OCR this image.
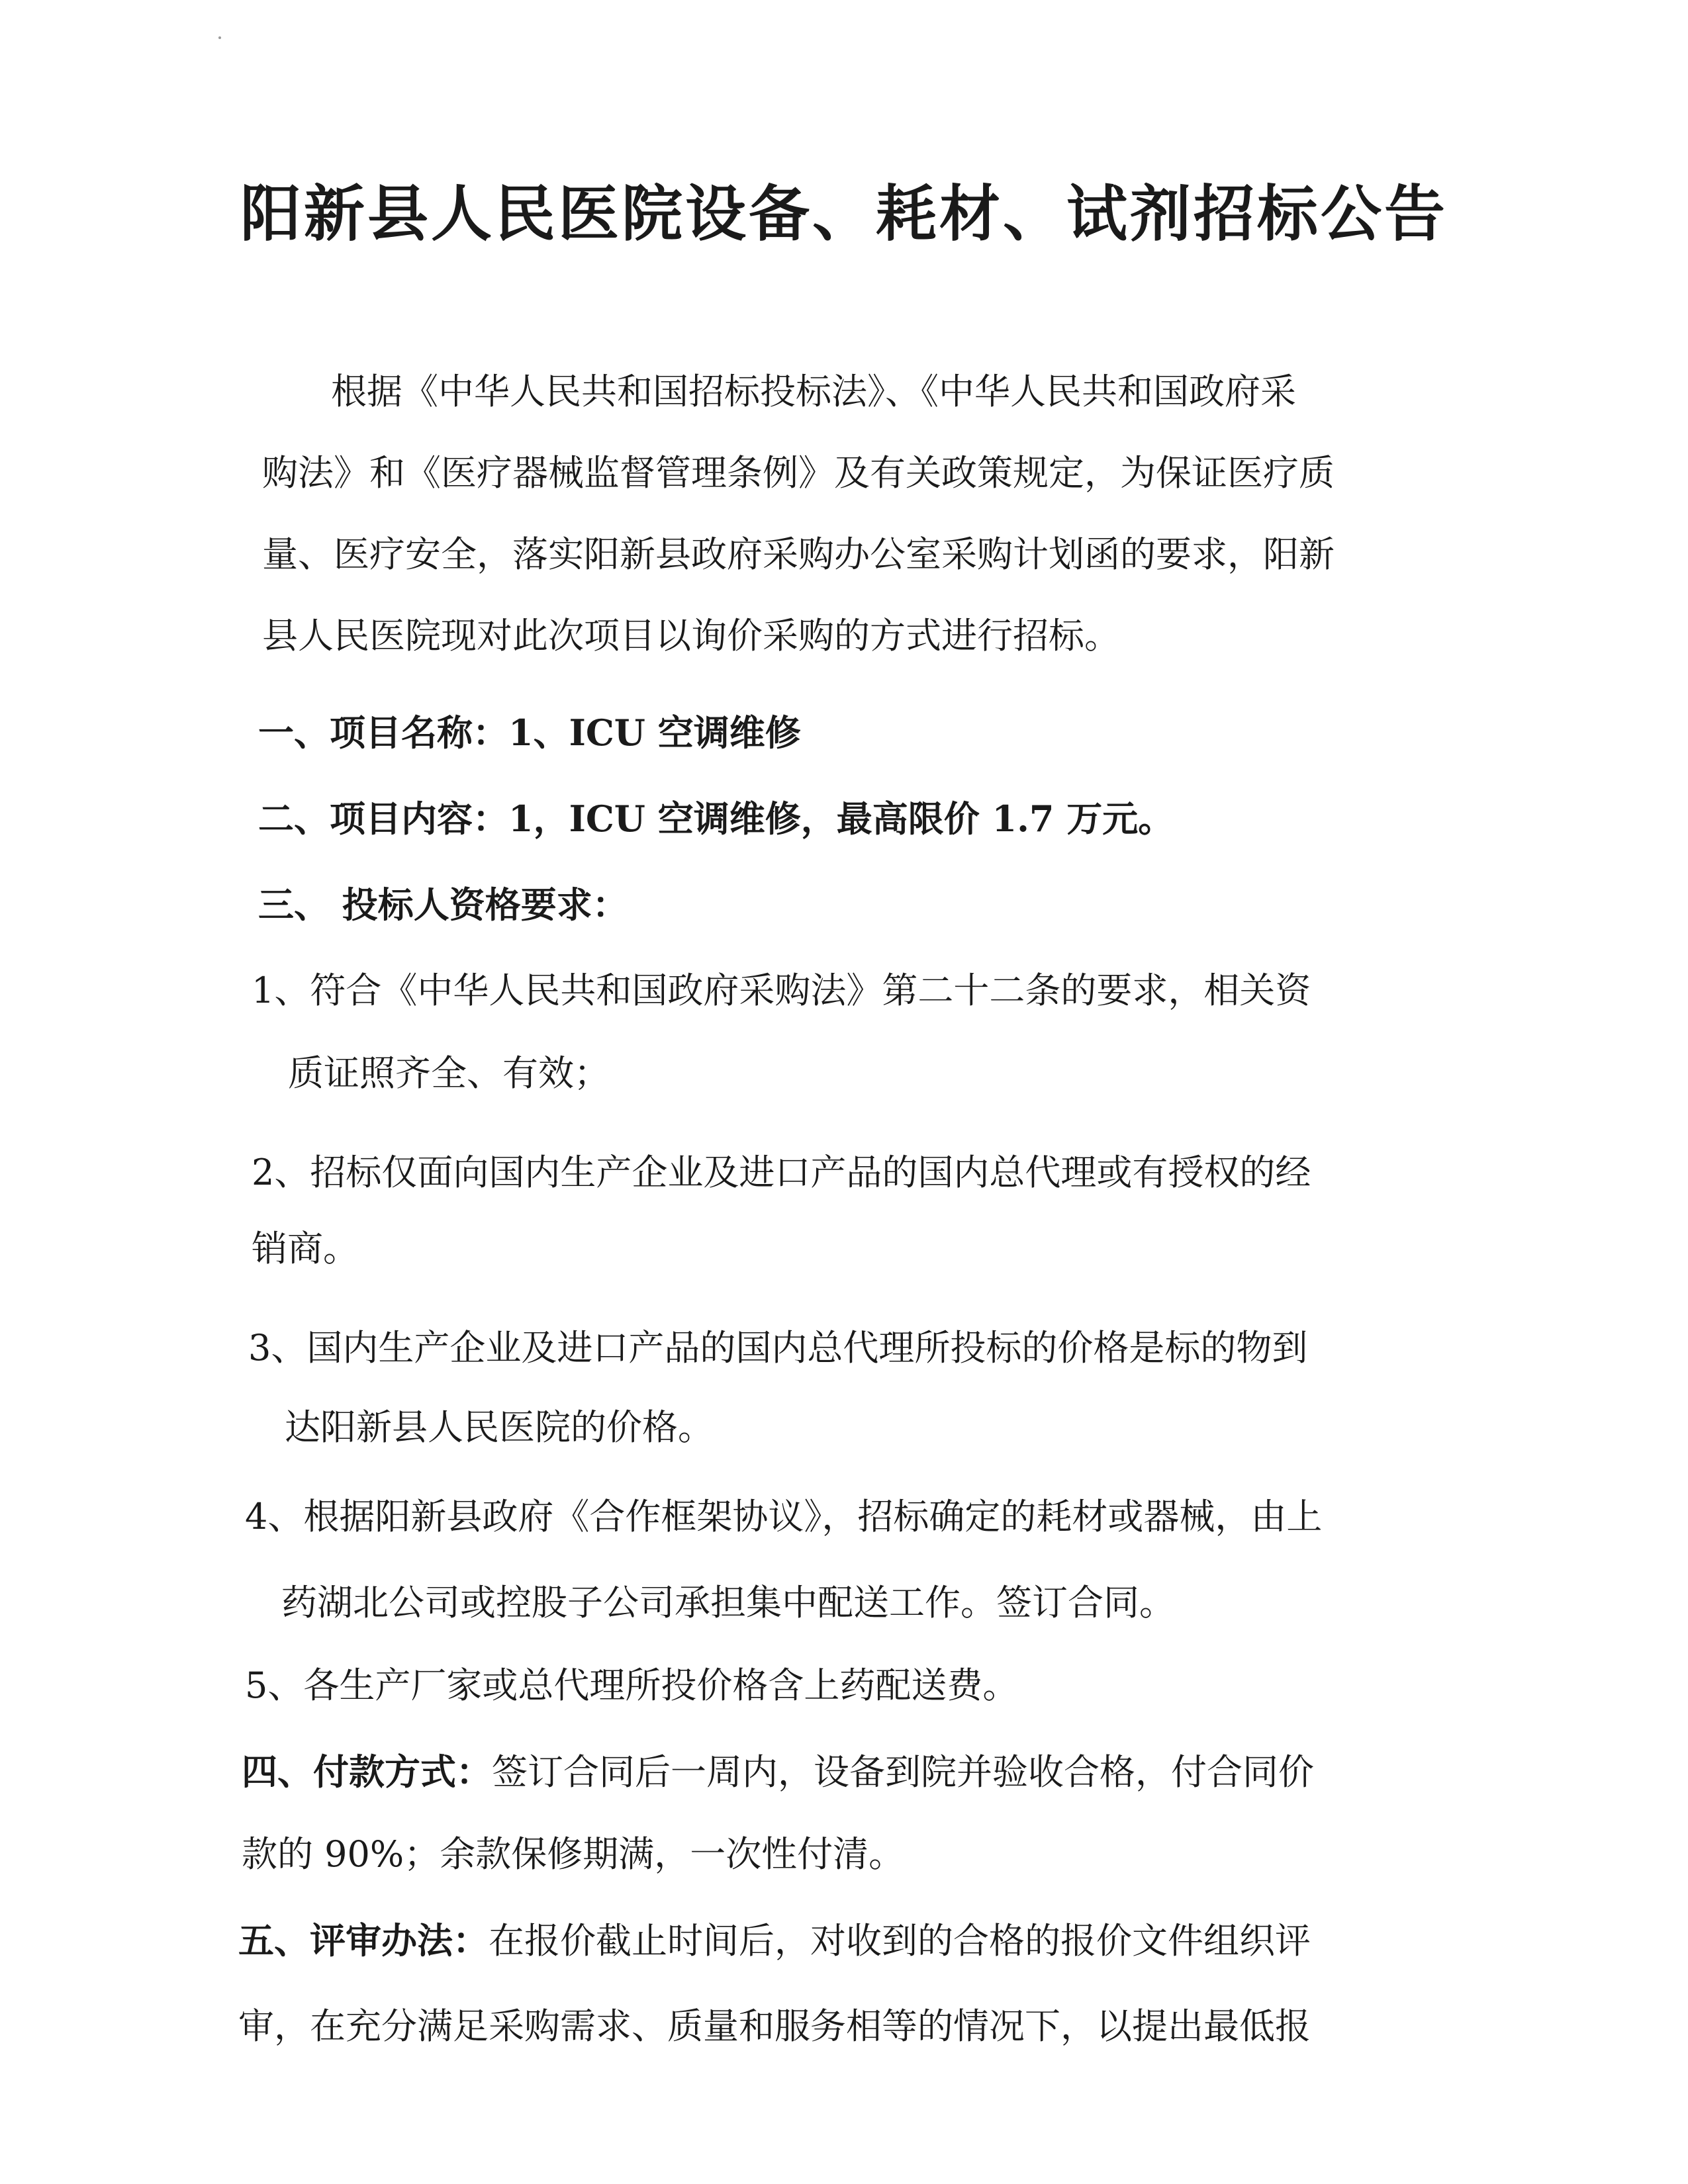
阳新县人民医院设备、耗材、试剂招标公告
根据《中华人民共和国招标投标法》、《中华人民共和国政府采
购法》和《医疗器械监督管理条例》及有关政策规定，为保证医疗质
量、医疗安全，落实阳新县政府采购办公室采购计划函的要求，阳新
县人民医院现对此次项目以询价采购的方式进行招标。
一、项目名称：1、ICU 空调维修
二、项目内容：1，ICU 空调维修，最高限价 1.7 万元。
三、 投标人资格要求：
1、符合《中华人民共和国政府采购法》第二十二条的要求，相关资
质证照齐全、有效；
2、招标仅面向国内生产企业及进口产品的国内总代理或有授权的经
销商。
3、国内生产企业及进口产品的国内总代理所投标的价格是标的物到
达阳新县人民医院的价格。
4、根据阳新县政府《合作框架协议》，招标确定的耗材或器械，由上
药湖北公司或控股子公司承担集中配送工作。签订合同。
5、各生产厂家或总代理所投价格含上药配送费。
四、付款方式：签订合同后一周内，设备到院并验收合格，付合同价
款的 90%；余款保修期满，一次性付清。
五、评审办法：在报价截止时间后，对收到的合格的报价文件组织评
审，在充分满足采购需求、质量和服务相等的情况下，以提出最低报
